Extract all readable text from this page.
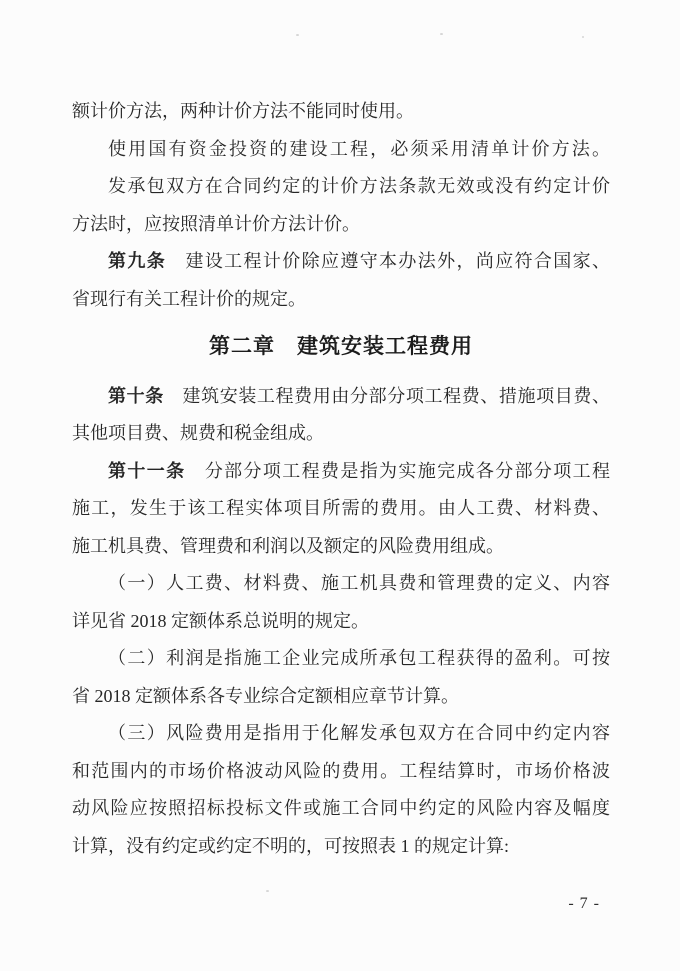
额计价方法，两种计价方法不能同时使用。
使用国有资金投资的建设工程，必须采用清单计价方法。
发承包双方在合同约定的计价方法条款无效或没有约定计价
方法时，应按照清单计价方法计价。
第九条　建设工程计价除应遵守本办法外，尚应符合国家、
省现行有关工程计价的规定。
第二章　建筑安装工程费用
第十条　建筑安装工程费用由分部分项工程费、措施项目费、
其他项目费、规费和税金组成。
第十一条　分部分项工程费是指为实施完成各分部分项工程
施工，发生于该工程实体项目所需的费用。由人工费、材料费、
施工机具费、管理费和利润以及额定的风险费用组成。
（一）人工费、材料费、施工机具费和管理费的定义、内容
详见省 2018 定额体系总说明的规定。
（二）利润是指施工企业完成所承包工程获得的盈利。可按
省 2018 定额体系各专业综合定额相应章节计算。
（三）风险费用是指用于化解发承包双方在合同中约定内容
和范围内的市场价格波动风险的费用。工程结算时，市场价格波
动风险应按照招标投标文件或施工合同中约定的风险内容及幅度
计算，没有约定或约定不明的，可按照表 1 的规定计算:
- 7 -
